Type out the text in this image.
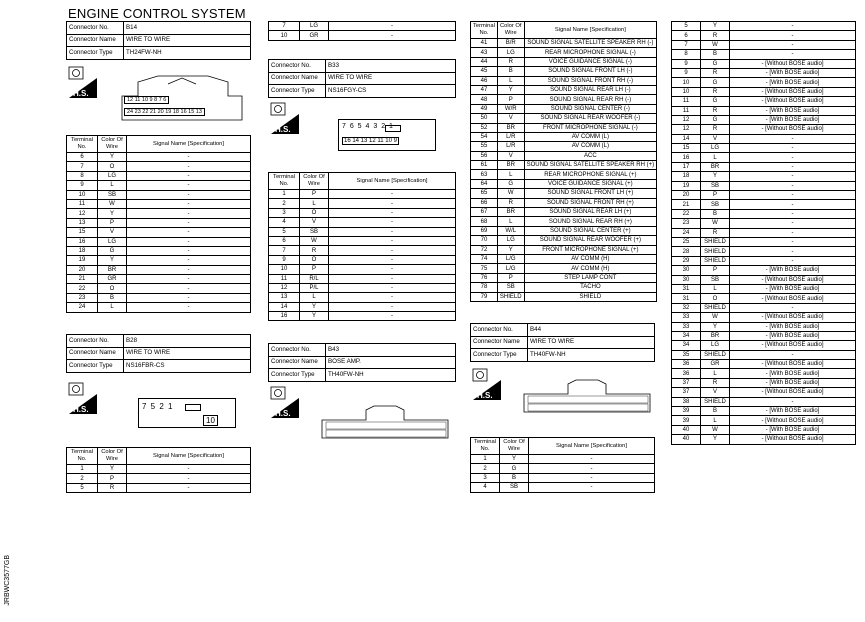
ENGINE CONTROL SYSTEM
JRBWC3577GB
Connector No.	B14
Connector Name	WIRE TO WIRE
Connector Type	TH24FW-NH
H.S.
12 11 10 9 8 7 6
24 23 22 21 20 19 18 16 15 13
Terminal No.	Color Of Wire	Signal Name [Specification]
6	Y	-
7	O	-
8	LG	-
9	L	-
10	SB	-
11	W	-
12	Y	-
13	P	-
15	V	-
16	LG	-
18	G	-
19	Y	-
20	BR	-
21	GR	-
22	O	-
23	B	-
24	L	-
Connector No.	B28
Connector Name	WIRE TO WIRE
Connector Type	NS16FBR-CS
H.S.	7 5 2 1
10
Terminal No.	Color Of Wire	Signal Name [Specification]
1	Y	-
2	P	-
5	R	-
7	LG	-
10	GR	-
Connector No.	B33
Connector Name	WIRE TO WIRE
Connector Type	NS16FGY-CS
H.S.	7 6 5 4 3 2 1
16 14 13 12 11 10 9
Terminal No.	Color Of Wire	Signal Name [Specification]
1	P	-
2	L	-
3	O	-
4	V	-
5	SB	-
6	W	-
7	R	-
9	O	-
10	P	-
11	R/L	-
12	P/L	-
13	L	-
14	Y	-
16	Y	-
Connector No.	B43
Connector Name	BOSE AMP.
Connector Type	TH40FW-NH
H.S.
Terminal No.	Color Of Wire	Signal Name [Specification]
41	B/R	SOUND SIGNAL SATELLITE SPEAKER RH (-)
43	LG	REAR MICROPHONE SIGNAL (-)
44	R	VOICE GUIDANCE SIGNAL (-)
45	B	SOUND SIGNAL FRONT LH (-)
46	L	SOUND SIGNAL FRONT RH (-)
47	Y	SOUND SIGNAL REAR LH (-)
48	P	SOUND SIGNAL REAR RH (-)
49	W/R	SOUND SIGNAL CENTER (-)
50	V	SOUND SIGNAL REAR WOOFER (-)
52	BR	FRONT MICROPHONE SIGNAL (-)
54	L/R	AV COMM (L)
55	L/R	AV COMM (L)
56	V	ACC
61	BR	SOUND SIGNAL SATELLITE SPEAKER RH (+)
63	L	REAR MICROPHONE SIGNAL (+)
64	G	VOICE GUIDANCE SIGNAL (+)
65	W	SOUND SIGNAL FRONT LH (+)
66	R	SOUND SIGNAL FRONT RH (+)
67	BR	SOUND SIGNAL REAR LH (+)
68	L	SOUND SIGNAL REAR RH (+)
69	W/L	SOUND SIGNAL CENTER (+)
70	LG	SOUND SIGNAL REAR WOOFER (+)
72	Y	FRONT MICROPHONE SIGNAL (+)
74	L/G	AV COMM (H)
75	L/G	AV COMM (H)
76	P	STEP LAMP CONT
78	SB	TACHO
79	SHIELD	SHIELD
Connector No.	B44
Connector Name	WIRE TO WIRE
Connector Type	TH40FW-NH
H.S.
Terminal No.	Color Of Wire	Signal Name [Specification]
1	Y	-
2	G	-
3	B	-
4	SB	-
5	Y	-
6	R	-
7	W	-
8	B	-
9	G	- [Without BOSE audio]
9	R	- [With BOSE audio]
10	G	- [With BOSE audio]
10	R	- [Without BOSE audio]
11	G	- [Without BOSE audio]
11	R	- [With BOSE audio]
12	G	- [With BOSE audio]
12	R	- [Without BOSE audio]
14	V	-
15	LG	-
16	L	-
17	BR	-
18	Y	-
19	SB	-
20	P	-
21	SB	-
22	B	-
23	W	-
24	R	-
25	SHIELD	-
28	SHIELD	-
29	SHIELD	-
30	P	- [With BOSE audio]
30	SB	- [Without BOSE audio]
31	L	- [With BOSE audio]
31	O	- [Without BOSE audio]
32	SHIELD	-
33	W	- [Without BOSE audio]
33	Y	- [With BOSE audio]
34	BR	- [With BOSE audio]
34	LG	- [Without BOSE audio]
35	SHIELD	-
36	GR	- [Without BOSE audio]
36	L	- [With BOSE audio]
37	R	- [With BOSE audio]
37	V	- [Without BOSE audio]
38	SHIELD	-
39	B	- [With BOSE audio]
39	L	- [Without BOSE audio]
40	W	- [With BOSE audio]
40	Y	- [Without BOSE audio]
